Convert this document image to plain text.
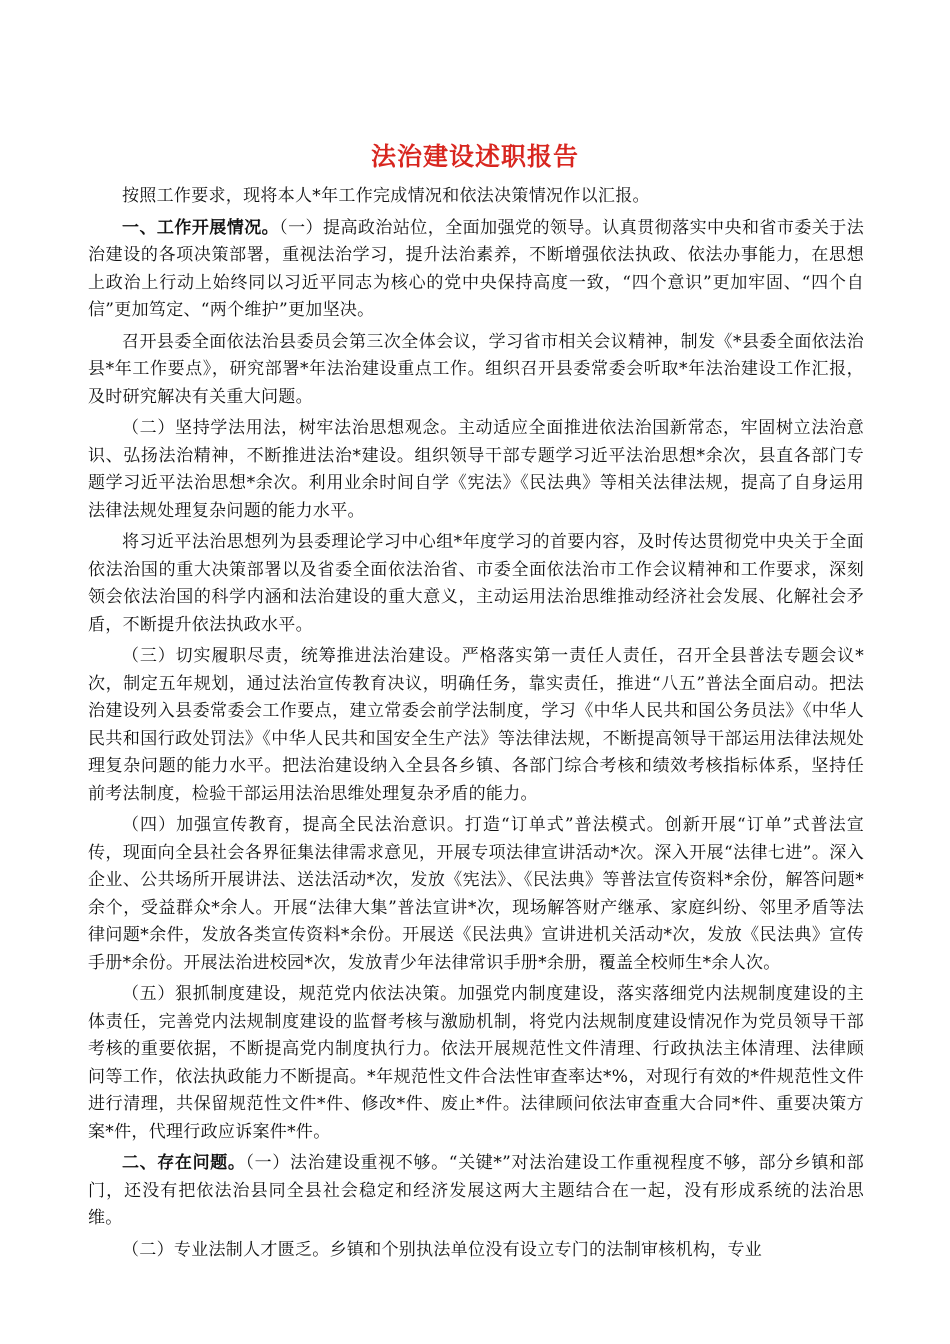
法治建设述职报告

按照工作要求，现将本人*年工作完成情况和依法决策情况作以汇报。

一、工作开展情况。（一）提高政治站位，全面加强党的领导。认真贯彻落实中央和省市委关于法治建设的各项决策部署，重视法治学习，提升法治素养，不断增强依法执政、依法办事能力，在思想上政治上行动上始终同以习近平同志为核心的党中央保持高度一致，“四个意识”更加牢固、“四个自信”更加笃定、“两个维护”更加坚决。

召开县委全面依法治县委员会第三次全体会议，学习省市相关会议精神，制发《*县委全面依法治县*年工作要点》，研究部署*年法治建设重点工作。组织召开县委常委会听取*年法治建设工作汇报，及时研究解决有关重大问题。

（二）坚持学法用法，树牢法治思想观念。主动适应全面推进依法治国新常态，牢固树立法治意识、弘扬法治精神，不断推进法治*建设。组织领导干部专题学习近平法治思想*余次，县直各部门专题学习近平法治思想*余次。利用业余时间自学《宪法》《民法典》等相关法律法规，提高了自身运用法律法规处理复杂问题的能力水平。

将习近平法治思想列为县委理论学习中心组*年度学习的首要内容，及时传达贯彻党中央关于全面依法治国的重大决策部署以及省委全面依法治省、市委全面依法治市工作会议精神和工作要求，深刻领会依法治国的科学内涵和法治建设的重大意义，主动运用法治思维推动经济社会发展、化解社会矛盾，不断提升依法执政水平。

（三）切实履职尽责，统筹推进法治建设。严格落实第一责任人责任，召开全县普法专题会议*次，制定五年规划，通过法治宣传教育决议，明确任务，靠实责任，推进“八五”普法全面启动。把法治建设列入县委常委会工作要点，建立常委会前学法制度，学习《中华人民共和国公务员法》《中华人民共和国行政处罚法》《中华人民共和国安全生产法》等法律法规，不断提高领导干部运用法律法规处理复杂问题的能力水平。把法治建设纳入全县各乡镇、各部门综合考核和绩效考核指标体系，坚持任前考法制度，检验干部运用法治思维处理复杂矛盾的能力。

（四）加强宣传教育，提高全民法治意识。打造“订单式”普法模式。创新开展“订单”式普法宣传，现面向全县社会各界征集法律需求意见，开展专项法律宣讲活动*次。深入开展“法律七进”。深入企业、公共场所开展讲法、送法活动*次，发放《宪法》、《民法典》等普法宣传资料*余份，解答问题*余个，受益群众*余人。开展“法律大集”普法宣讲*次，现场解答财产继承、家庭纠纷、邻里矛盾等法律问题*余件，发放各类宣传资料*余份。开展送《民法典》宣讲进机关活动*次，发放《民法典》宣传手册*余份。开展法治进校园*次，发放青少年法律常识手册*余册，覆盖全校师生*余人次。

（五）狠抓制度建设，规范党内依法决策。加强党内制度建设，落实落细党内法规制度建设的主体责任，完善党内法规制度建设的监督考核与激励机制，将党内法规制度建设情况作为党员领导干部考核的重要依据，不断提高党内制度执行力。依法开展规范性文件清理、行政执法主体清理、法律顾问等工作，依法执政能力不断提高。*年规范性文件合法性审查率达*%，对现行有效的*件规范性文件进行清理，共保留规范性文件*件、修改*件、废止*件。法律顾问依法审查重大合同*件、重要决策方案*件，代理行政应诉案件*件。

二、存在问题。（一）法治建设重视不够。“关键*”对法治建设工作重视程度不够，部分乡镇和部门，还没有把依法治县同全县社会稳定和经济发展这两大主题结合在一起，没有形成系统的法治思维。

（二）专业法制人才匮乏。乡镇和个别执法单位没有设立专门的法制审核机构，专业
